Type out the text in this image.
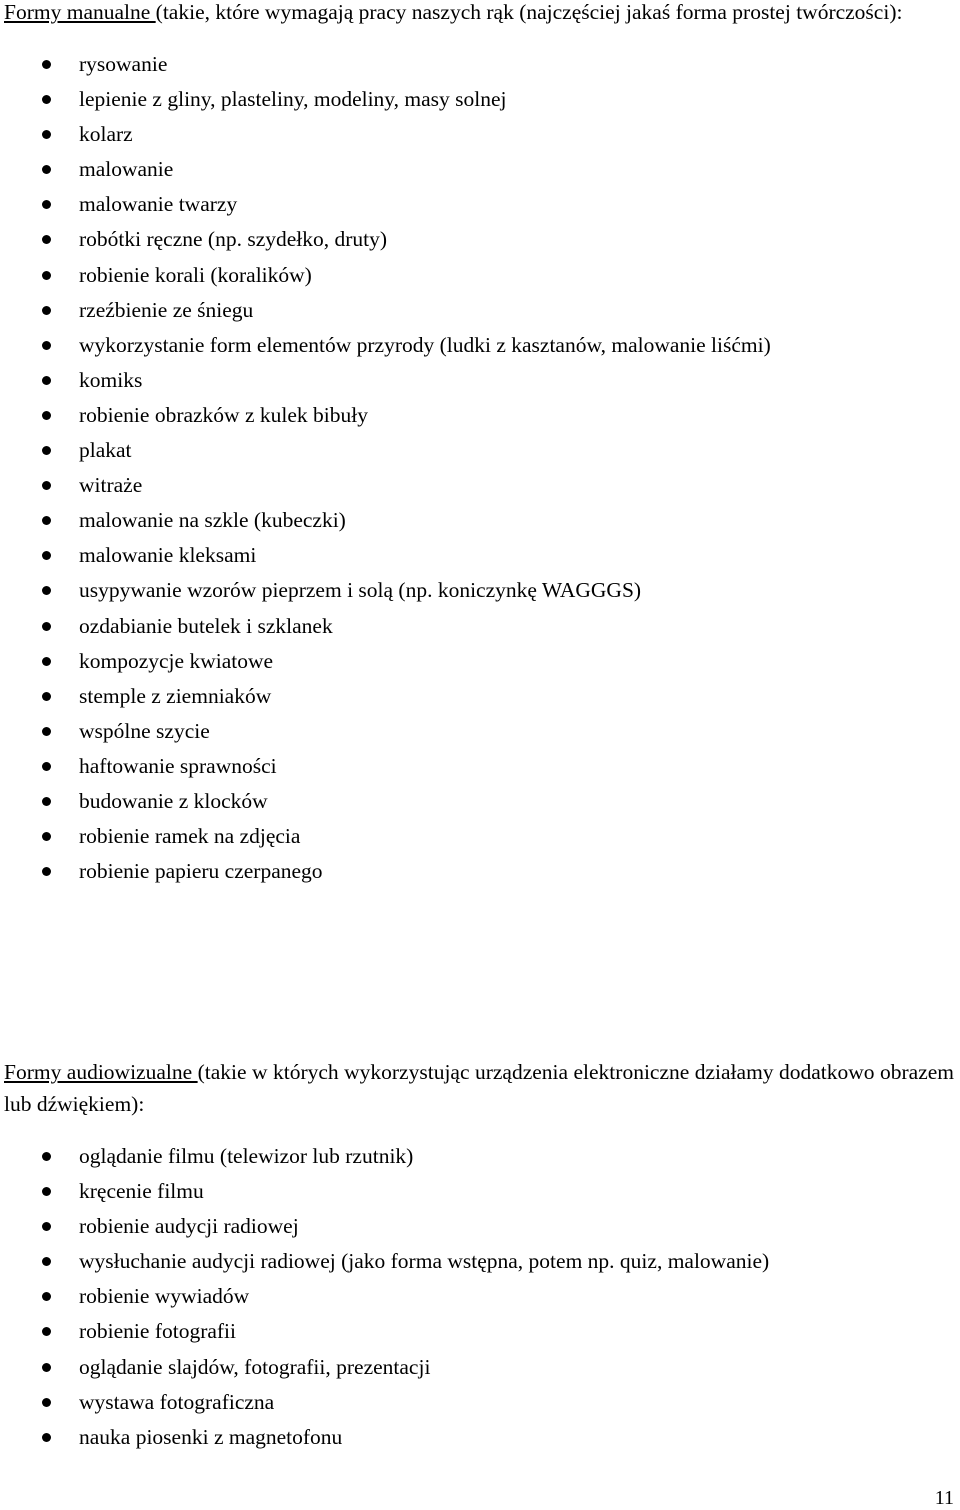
Formy manualne (takie, które wymagają pracy naszych rąk (najczęściej jakaś forma prostej twórczości):

rysowanie
lepienie z gliny, plasteliny, modeliny, masy solnej
kolarz
malowanie
malowanie twarzy
robótki ręczne (np. szydełko, druty)
robienie korali (koralików)
rzeźbienie ze śniegu
wykorzystanie form elementów przyrody (ludki z kasztanów, malowanie liśćmi)
komiks
robienie obrazków z kulek bibuły
plakat
witraże
malowanie na szkle (kubeczki)
malowanie kleksami
usypywanie wzorów pieprzem i solą (np. koniczynkę WAGGGS)
ozdabianie butelek i szklanek
kompozycje kwiatowe
stemple z ziemniaków
wspólne szycie
haftowanie sprawności
budowanie z klocków
robienie ramek na zdjęcia
robienie papieru czerpanego

Formy audiowizualne (takie w których wykorzystując urządzenia elektroniczne działamy dodatkowo obrazem lub dźwiękiem):

oglądanie filmu (telewizor lub rzutnik)
kręcenie filmu
robienie audycji radiowej
wysłuchanie audycji radiowej (jako forma wstępna, potem np. quiz, malowanie)
robienie wywiadów
robienie fotografii
oglądanie slajdów, fotografii, prezentacji
wystawa fotograficzna
nauka piosenki z magnetofonu
11
